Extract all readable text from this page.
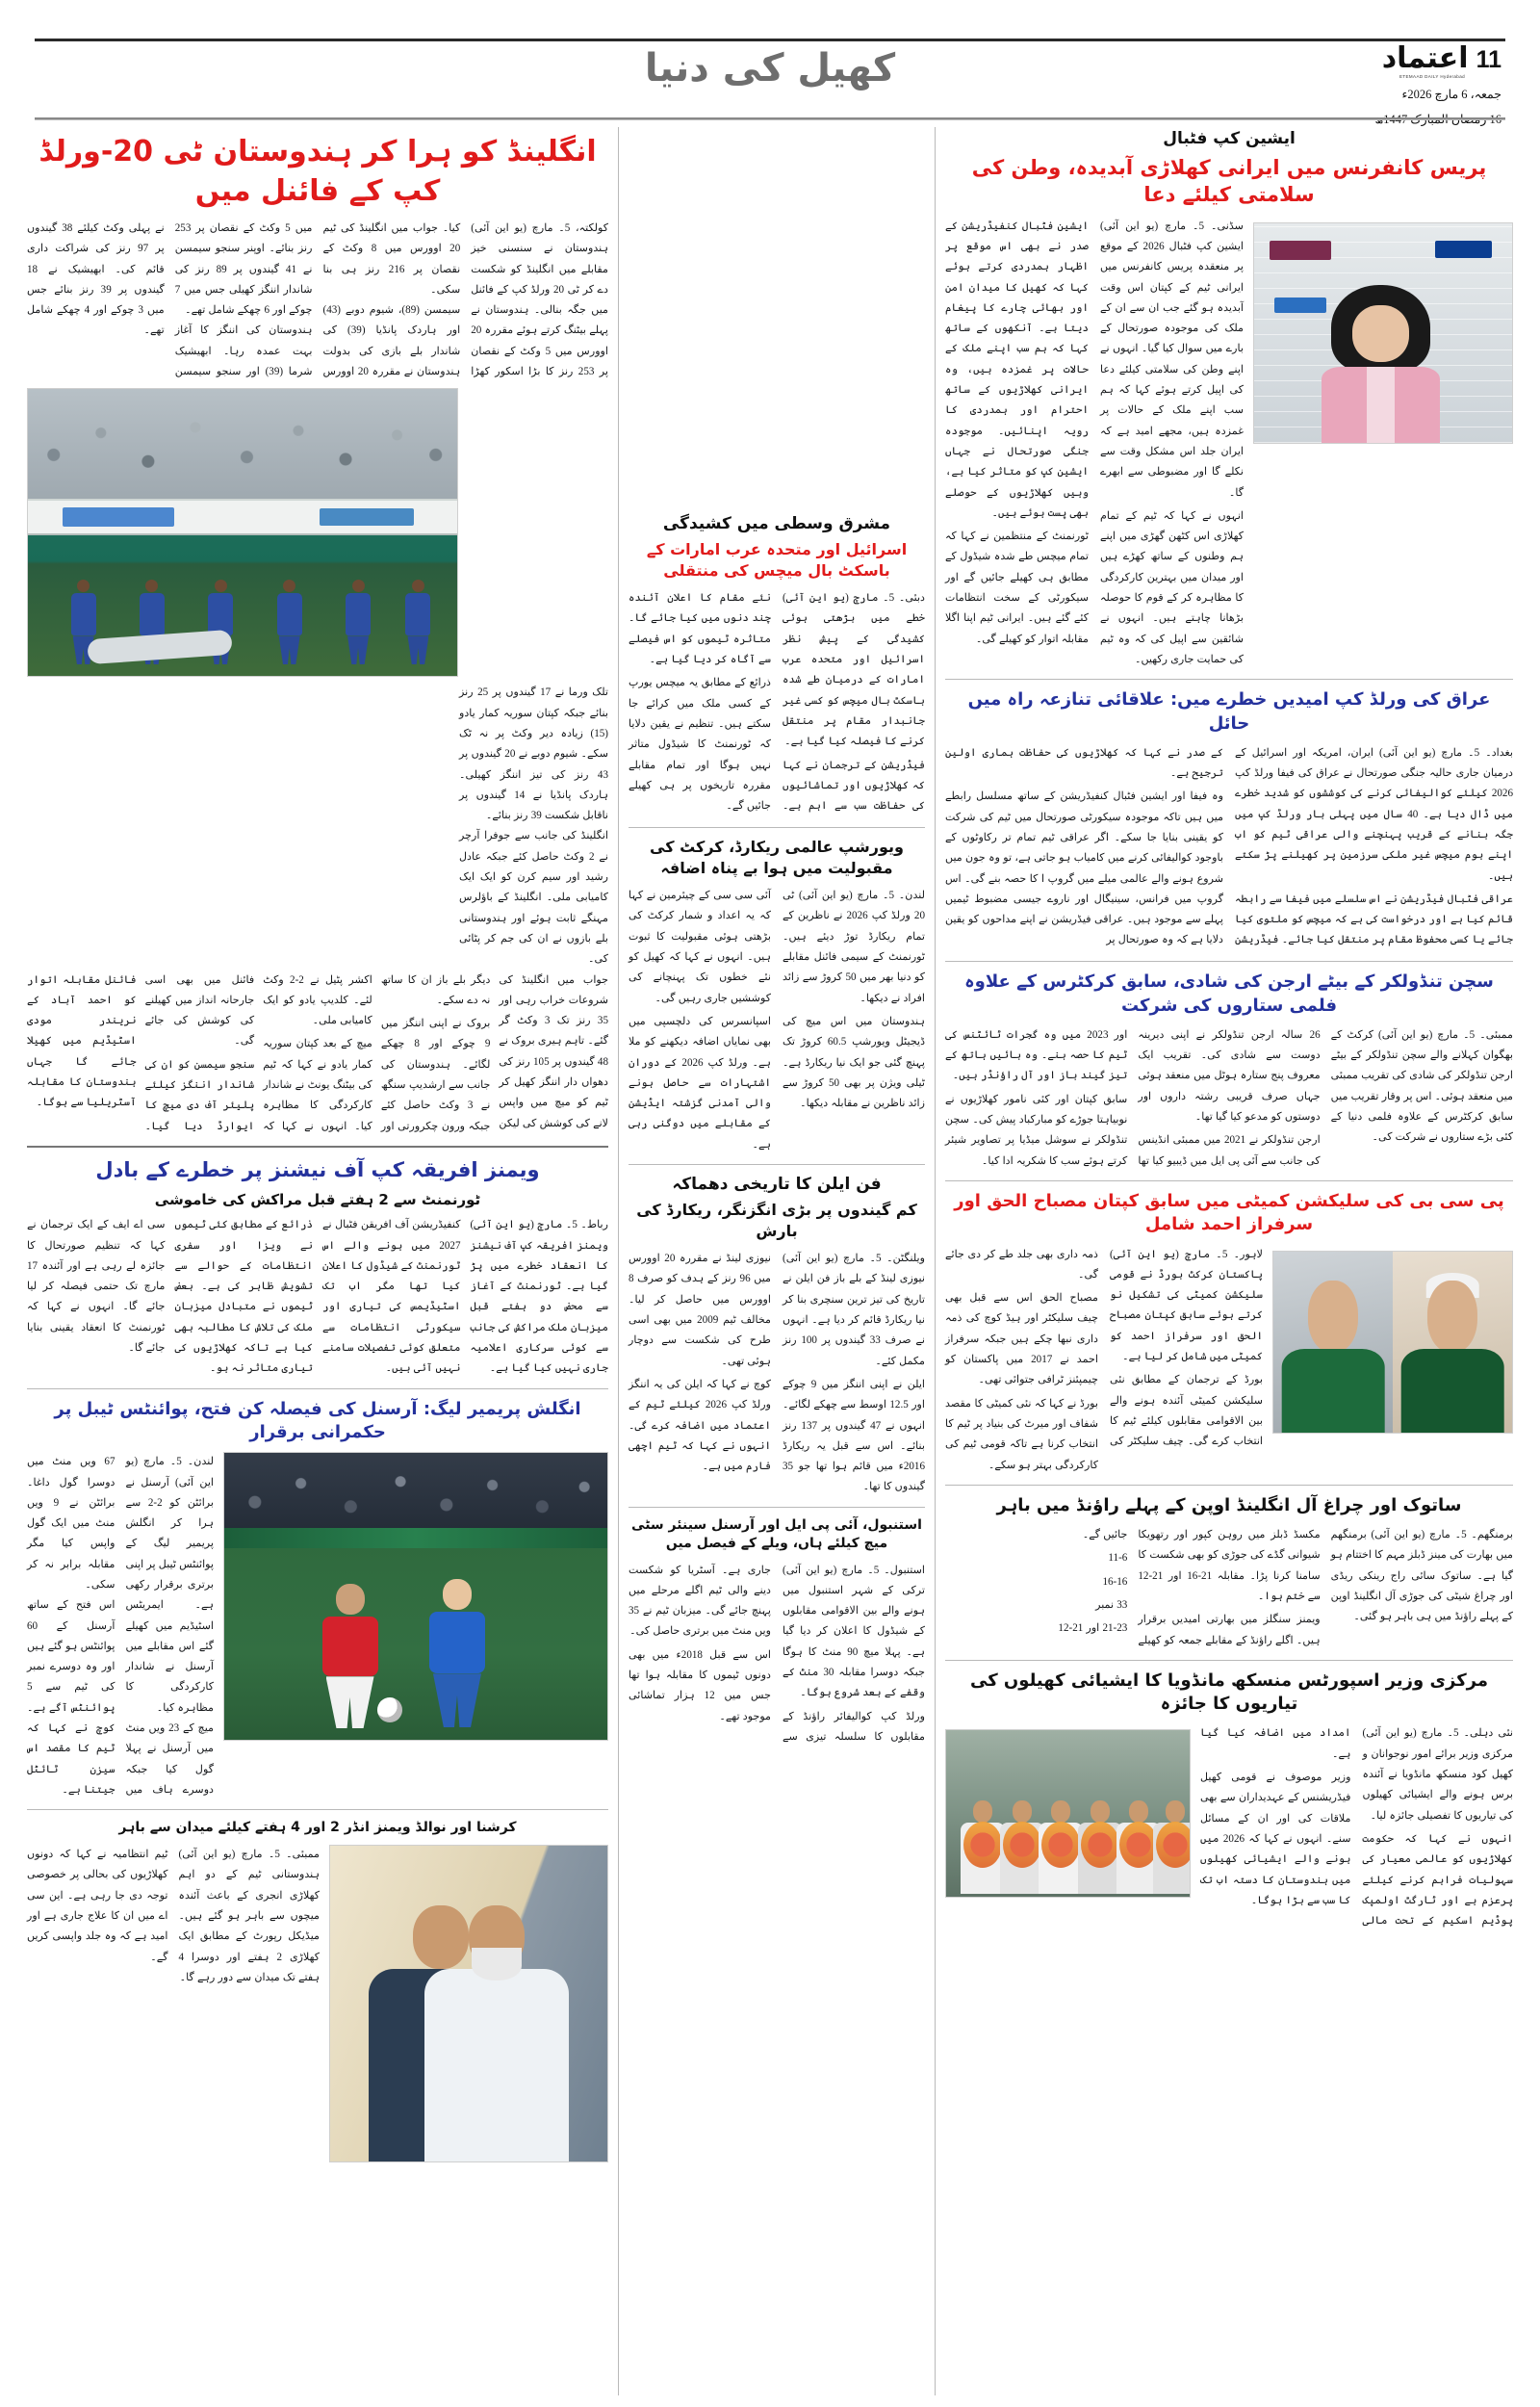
اعتماد 11
ETEMAAD DAILY Hyderabad
جمعہ، 6 مارچ 2026ء
کھیل کی دنیا
ایشین کپ فٹبال
پریس کانفرنس میں ایرانی کھلاڑی آبدیدہ، وطن کی سلامتی کیلئے دعا

سڈنی۔ 5۔ مارچ (یو این آئی) ایشین کپ فٹبال 2026 کے موقع پر منعقدہ پریس کانفرنس میں ایرانی ٹیم کے کپتان اس وقت آبدیدہ ہو گئے جب ان سے ان کے ملک کی موجودہ صورتحال کے بارے میں سوال کیا گیا۔ انہوں نے اپنے وطن کی سلامتی کیلئے دعا کی اپیل کرتے ہوئے کہا کہ ہم سب اپنے ملک کے حالات پر غمزدہ ہیں، مجھے امید ہے کہ ایران جلد اس مشکل وقت سے نکلے گا اور مضبوطی سے ابھرے گا۔

انہوں نے کہا کہ ٹیم کے تمام کھلاڑی اس کٹھن گھڑی میں اپنے ہم وطنوں کے ساتھ کھڑے ہیں اور میدان میں بہترین کارکردگی کا مظاہرہ کر کے قوم کا حوصلہ بڑھانا چاہتے ہیں۔ انہوں نے شائقین سے اپیل کی کہ وہ ٹیم کی حمایت جاری رکھیں۔

ایشین فٹبال کنفیڈریشن کے صدر نے بھی اس موقع پر اظہار ہمدردی کرتے ہوئے کہا کہ کھیل کا میدان امن اور بھائی چارے کا پیغام دیتا ہے۔ آنکھوں کے ساتھ کہا کہ ہم سب اپنے ملک کے حالات پر غمزدہ ہیں، وہ ایرانی کھلاڑیوں کے ساتھ احترام اور ہمدردی کا رویہ اپنائیں۔ موجودہ جنگی صورتحال نے جہاں ایشین کپ کو متاثر کیا ہے، وہیں کھلاڑیوں کے حوصلے بھی پست ہوئے ہیں۔

ٹورنمنٹ کے منتظمین نے کہا کہ تمام میچس طے شدہ شیڈول کے مطابق ہی کھیلے جائیں گے اور سیکورٹی کے سخت انتظامات کئے گئے ہیں۔ ایرانی ٹیم اپنا اگلا مقابلہ اتوار کو کھیلے گی۔

عراق کی ورلڈ کپ امیدیں خطرے میں: علاقائی تنازعہ راہ میں حائل

بغداد۔ 5۔ مارچ (یو این آئی) ایران، امریکہ اور اسرائیل کے درمیان جاری حالیہ جنگی صورتحال نے عراق کی فیفا ورلڈ کپ 2026 کیلئے کوالیفائی کرنے کی کوششوں کو شدید خطرے میں ڈال دیا ہے۔ 40 سال میں پہلی بار ورلڈ کپ میں جگہ بنانے کے قریب پہنچنے والی عراقی ٹیم کو اب اپنے ہوم میچس غیر ملکی سرزمین پر کھیلنے پڑ سکتے ہیں۔

عراقی فٹبال فیڈریشن نے اس سلسلے میں فیفا سے رابطہ قائم کیا ہے اور درخواست کی ہے کہ میچس کو ملتوی کیا جائے یا کسی محفوظ مقام پر منتقل کیا جائے۔ فیڈریشن کے صدر نے کہا کہ کھلاڑیوں کی حفاظت ہماری اولین ترجیح ہے۔

وہ فیفا اور ایشین فٹبال کنفیڈریشن کے ساتھ مسلسل رابطے میں ہیں تاکہ موجودہ سیکورٹی صورتحال میں ٹیم کی شرکت کو یقینی بنایا جا سکے۔ اگر عراقی ٹیم تمام تر رکاوٹوں کے باوجود کوالیفائی کرنے میں کامیاب ہو جاتی ہے، تو وہ جون میں شروع ہونے والے عالمی میلے میں گروپ ا کا حصہ بنے گی۔ اس گروپ میں فرانس، سینیگال اور ناروے جیسی مضبوط ٹیمیں پہلے سے موجود ہیں۔ عراقی فیڈریشن نے اپنے مداحوں کو یقین دلایا ہے کہ وہ صورتحال پر

سچن تنڈولکر کے بیٹے ارجن کی شادی، سابق کرکٹرس کے علاوہ فلمی ستاروں کی شرکت

ممبئی۔ 5۔ مارچ (یو این آئی) کرکٹ کے بھگوان کہلانے والے سچن تنڈولکر کے بیٹے ارجن تنڈولکر کی شادی کی تقریب ممبئی میں منعقد ہوئی۔ اس پر وقار تقریب میں سابق کرکٹرس کے علاوہ فلمی دنیا کے کئی بڑے ستاروں نے شرکت کی۔

26 سالہ ارجن تنڈولکر نے اپنی دیرینہ دوست سے شادی کی۔ تقریب ایک معروف پنج ستارہ ہوٹل میں منعقد ہوئی جہاں صرف قریبی رشتہ داروں اور دوستوں کو مدعو کیا گیا تھا۔

ارجن تنڈولکر نے 2021 میں ممبئی انڈینس کی جانب سے آئی پی ایل میں ڈیبیو کیا تھا اور 2023 میں وہ گجرات ٹائٹنس کی ٹیم کا حصہ بنے۔ وہ بائیں ہاتھ کے تیز گیند باز اور آل راؤنڈر ہیں۔

سابق کپتان اور کئی نامور کھلاڑیوں نے نوبیاہتا جوڑے کو مبارکباد پیش کی۔ سچن تنڈولکر نے سوشل میڈیا پر تصاویر شیئر کرتے ہوئے سب کا شکریہ ادا کیا۔

پی سی بی کی سلیکشن کمیٹی میں سابق کپتان مصباح الحق اور سرفراز احمد شامل

لاہور۔ 5۔ مارچ (یو این آئی) پاکستان کرکٹ بورڈ نے قومی سلیکشن کمیٹی کی تشکیل نو کرتے ہوئے سابق کپتان مصباح الحق اور سرفراز احمد کو کمیٹی میں شامل کر لیا ہے۔

بورڈ کے ترجمان کے مطابق نئی سلیکشن کمیٹی آئندہ ہونے والے بین الاقوامی مقابلوں کیلئے ٹیم کا انتخاب کرے گی۔ چیف سلیکٹر کی ذمہ داری بھی جلد طے کر دی جائے گی۔

مصباح الحق اس سے قبل بھی چیف سلیکٹر اور ہیڈ کوچ کی ذمہ داری نبھا چکے ہیں جبکہ سرفراز احمد نے 2017 میں پاکستان کو چیمپئنز ٹرافی جتوائی تھی۔

بورڈ نے کہا کہ نئی کمیٹی کا مقصد شفاف اور میرٹ کی بنیاد پر ٹیم کا انتخاب کرنا ہے تاکہ قومی ٹیم کی کارکردگی بہتر ہو سکے۔

ساتوک اور چراغ آل انگلینڈ اوپن کے پہلے راؤنڈ میں باہر

برمنگھم۔ 5۔ مارچ (یو این آئی) برمنگھم میں بھارت کی مینز ڈبلز مہم کا اختتام ہو گیا ہے۔ ساتوک سائی راج رینکی ریڈی اور چراغ شیٹی کی جوڑی آل انگلینڈ اوپن کے پہلے راؤنڈ میں ہی باہر ہو گئی۔

مکسڈ ڈبلز میں روہن کپور اور رتھویکا شیوانی گڈے کی جوڑی کو بھی شکست کا سامنا کرنا پڑا۔ مقابلہ 21-16 اور 21-12 سے ختم ہوا۔

ویمنز سنگلز میں بھارتی امیدیں برقرار ہیں۔ اگلے راؤنڈ کے مقابلے جمعہ کو کھیلے جائیں گے۔

11-6

16-16

33 نمبر

21-23 اور 21-12

مرکزی وزیر اسپورٹس منسکھ مانڈویا کا ایشیائی کھیلوں کی تیاریوں کا جائزہ

نئی دہلی۔ 5۔ مارچ (یو این آئی) مرکزی وزیر برائے امور نوجوانان و کھیل کود منسکھ مانڈویا نے آئندہ برس ہونے والے ایشیائی کھیلوں کی تیاریوں کا تفصیلی جائزہ لیا۔

انہوں نے کہا کہ حکومت کھلاڑیوں کو عالمی معیار کی سہولیات فراہم کرنے کیلئے پرعزم ہے اور ٹارگٹ اولمپک پوڈیم اسکیم کے تحت مالی امداد میں اضافہ کیا گیا ہے۔

وزیر موصوف نے قومی کھیل فیڈریشنس کے عہدیداران سے بھی ملاقات کی اور ان کے مسائل سنے۔ انہوں نے کہا کہ 2026 میں ہونے والے ایشیائی کھیلوں میں ہندوستان کا دستہ اب تک کا سب سے بڑا ہوگا۔

مشرق وسطی میں کشیدگی
اسرائیل اور متحدہ عرب امارات کے باسکٹ بال میچس کی منتقلی

دبئی۔ 5۔ مارچ (یو این آئی) خطے میں بڑھتی ہوئی کشیدگی کے پیش نظر اسرائیل اور متحدہ عرب امارات کے درمیان طے شدہ باسکٹ بال میچس کو کسی غیر جانبدار مقام پر منتقل کرنے کا فیصلہ کیا گیا ہے۔

فیڈریشن کے ترجمان نے کہا کہ کھلاڑیوں اور تماشائیوں کی حفاظت سب سے اہم ہے۔ نئے مقام کا اعلان آئندہ چند دنوں میں کیا جائے گا۔ متاثرہ ٹیموں کو اس فیصلے سے آگاہ کر دیا گیا ہے۔

ذرائع کے مطابق یہ میچس یورپ کے کسی ملک میں کرائے جا سکتے ہیں۔ تنظیم نے یقین دلایا کہ ٹورنمنٹ کا شیڈول متاثر نہیں ہوگا اور تمام مقابلے مقررہ تاریخوں پر ہی کھیلے جائیں گے۔

ویورشپ عالمی ریکارڈ، کرکٹ کی مقبولیت میں ہوا بے پناہ اضافہ

لندن۔ 5۔ مارچ (یو این آئی) ٹی 20 ورلڈ کپ 2026 نے ناظرین کے تمام ریکارڈ توڑ دیئے ہیں۔ ٹورنمنٹ کے سیمی فائنل مقابلے کو دنیا بھر میں 50 کروڑ سے زائد افراد نے دیکھا۔

ہندوستان میں اس میچ کی ڈیجیٹل ویورشپ 60.5 کروڑ تک پہنچ گئی جو ایک نیا ریکارڈ ہے۔ ٹیلی ویژن پر بھی 50 کروڑ سے زائد ناظرین نے مقابلہ دیکھا۔

آئی سی سی کے چیئرمین نے کہا کہ یہ اعداد و شمار کرکٹ کی بڑھتی ہوئی مقبولیت کا ثبوت ہیں۔ انہوں نے کہا کہ کھیل کو نئے خطوں تک پہنچانے کی کوششیں جاری رہیں گی۔

اسپانسرس کی دلچسپی میں بھی نمایاں اضافہ دیکھنے کو ملا ہے۔ ورلڈ کپ 2026 کے دوران اشتہارات سے حاصل ہونے والی آمدنی گزشتہ ایڈیشن کے مقابلے میں دوگنی رہی ہے۔

فن ایلن کا تاریخی دھماکہ
کم گیندوں پر بڑی انگزنگر، ریکارڈ کی بارش

ویلنگٹن۔ 5۔ مارچ (یو این آئی) نیوزی لینڈ کے بلے باز فن ایلن نے تاریخ کی تیز ترین سنچری بنا کر نیا ریکارڈ قائم کر دیا ہے۔ انہوں نے صرف 33 گیندوں پر 100 رنز مکمل کئے۔

ایلن نے اپنی اننگز میں 9 چوکے اور 12.5 اوسط سے چھکے لگائے۔ انہوں نے 47 گیندوں پر 137 رنز بنائے۔ اس سے قبل یہ ریکارڈ 2016ء میں قائم ہوا تھا جو 35 گیندوں کا تھا۔

نیوزی لینڈ نے مقررہ 20 اوورس میں 96 رنز کے ہدف کو صرف 8 اوورس میں حاصل کر لیا۔ مخالف ٹیم 2009 میں بھی اسی طرح کی شکست سے دوچار ہوئی تھی۔

کوچ نے کہا کہ ایلن کی یہ اننگز ورلڈ کپ 2026 کیلئے ٹیم کے اعتماد میں اضافہ کرے گی۔ انہوں نے کہا کہ ٹیم اچھی فارم میں ہے۔

استنبول، آئی پی ایل اور آرسنل سینئر سٹی میچ کیلئے ہاں، ویلے کے فیصل میں

استنبول۔ 5۔ مارچ (یو این آئی) ترکی کے شہر استنبول میں ہونے والے بین الاقوامی مقابلوں کے شیڈول کا اعلان کر دیا گیا ہے۔ پہلا میچ 90 منٹ کا ہوگا جبکہ دوسرا مقابلہ 30 منٹ کے وقفے کے بعد شروع ہوگا۔

ورلڈ کپ کوالیفائر راؤنڈ کے مقابلوں کا سلسلہ تیزی سے جاری ہے۔ آسٹریا کو شکست دینے والی ٹیم اگلے مرحلے میں پہنچ جائے گی۔ میزبان ٹیم نے 35 ویں منٹ میں برتری حاصل کی۔

اس سے قبل 2018ء میں بھی دونوں ٹیموں کا مقابلہ ہوا تھا جس میں 12 ہزار تماشائی موجود تھے۔

انگلینڈ کو ہرا کر ہندوستان ٹی 20-ورلڈ کپ کے فائنل میں

کولکتہ، 5۔ مارچ (یو این آئی) ہندوستان نے سنسنی خیز مقابلے میں انگلینڈ کو شکست دے کر ٹی 20 ورلڈ کپ کے فائنل میں جگہ بنالی۔ ہندوستان نے پہلے بیٹنگ کرتے ہوئے مقررہ 20 اوورس میں 5 وکٹ کے نقصان پر 253 رنز کا بڑا اسکور کھڑا کیا۔ جواب میں انگلینڈ کی ٹیم 20 اوورس میں 8 وکٹ کے نقصان پر 216 رنز ہی بنا سکی۔

سیمسن (89)، شیوم دوبے (43) اور ہاردک پانڈیا (39) کی شاندار بلے بازی کی بدولت ہندوستان نے مقررہ 20 اوورس میں 5 وکٹ کے نقصان پر 253 رنز بنائے۔ اوپنر سنجو سیمسن نے 41 گیندوں پر 89 رنز کی شاندار اننگز کھیلی جس میں 7 چوکے اور 6 چھکے شامل تھے۔

ہندوستان کی اننگز کا آغاز بہت عمدہ رہا۔ ابھیشیک شرما (39) اور سنجو سیمسن نے پہلی وکٹ کیلئے 38 گیندوں پر 97 رنز کی شراکت داری قائم کی۔ ابھیشیک نے 18 گیندوں پر 39 رنز بنائے جس میں 3 چوکے اور 4 چھکے شامل تھے۔

تلک ورما نے 17 گیندوں پر 25 رنز بنائے جبکہ کپتان سوریہ کمار یادو (15) زیادہ دیر وکٹ پر نہ ٹک سکے۔ شیوم دوبے نے 20 گیندوں پر 43 رنز کی تیز اننگز کھیلی۔ ہاردک پانڈیا نے 14 گیندوں پر ناقابل شکست 39 رنز بنائے۔

انگلینڈ کی جانب سے جوفرا آرچر نے 2 وکٹ حاصل کئے جبکہ عادل رشید اور سیم کرن کو ایک ایک کامیابی ملی۔ انگلینڈ کے باؤلرس مہنگے ثابت ہوئے اور ہندوستانی بلے بازوں نے ان کی جم کر پٹائی کی۔

جواب میں انگلینڈ کی شروعات خراب رہی اور 35 رنز تک 3 وکٹ گر گئے۔ تاہم ہیری بروک نے 48 گیندوں پر 105 رنز کی دھواں دار اننگز کھیل کر ٹیم کو میچ میں واپس لانے کی کوشش کی لیکن دیگر بلے باز ان کا ساتھ نہ دے سکے۔

بروک نے اپنی اننگز میں 9 چوکے اور 8 چھکے لگائے۔ ہندوستان کی جانب سے ارشدیپ سنگھ نے 3 وکٹ حاصل کئے جبکہ ورون چکرورتی اور اکشر پٹیل نے 2-2 وکٹ لئے۔ کلدیپ یادو کو ایک کامیابی ملی۔

میچ کے بعد کپتان سوریہ کمار یادو نے کہا کہ ٹیم کی بیٹنگ یونٹ نے شاندار کارکردگی کا مظاہرہ کیا۔ انہوں نے کہا کہ فائنل میں بھی اسی جارحانہ انداز میں کھیلنے کی کوشش کی جائے گی۔

سنجو سیمسن کو ان کی شاندار اننگز کیلئے پلیئر آف دی میچ کا ایوارڈ دیا گیا۔ فائنل مقابلہ اتوار کو احمد آباد کے نریندر مودی اسٹیڈیم میں کھیلا جائے گا جہاں ہندوستان کا مقابلہ آسٹریلیا سے ہوگا۔

ویمنز افریقہ کپ آف نیشنز پر خطرے کے بادل
ٹورنمنٹ سے 2 ہفتے قبل مراکش کی خاموشی

رباط۔ 5۔ مارچ (یو این آئی) ویمنز افریقہ کپ آف نیشنز کا انعقاد خطرے میں پڑ گیا ہے۔ ٹورنمنٹ کے آغاز سے محض دو ہفتے قبل میزبان ملک مراکش کی جانب سے کوئی سرکاری اعلامیہ جاری نہیں کیا گیا ہے۔

کنفیڈریشن آف افریقن فٹبال نے 2027 میں ہونے والے اس ٹورنمنٹ کے شیڈول کا اعلان کیا تھا مگر اب تک اسٹیڈیمس کی تیاری اور سیکورٹی انتظامات سے متعلق کوئی تفصیلات سامنے نہیں آئی ہیں۔

ذرائع کے مطابق کئی ٹیموں نے ویزا اور سفری انتظامات کے حوالے سے تشویش ظاہر کی ہے۔ بعض ٹیموں نے متبادل میزبان ملک کی تلاش کا مطالبہ بھی کیا ہے تاکہ کھلاڑیوں کی تیاری متاثر نہ ہو۔

سی اے ایف کے ایک ترجمان نے کہا کہ تنظیم صورتحال کا جائزہ لے رہی ہے اور آئندہ 17 مارچ تک حتمی فیصلہ کر لیا جائے گا۔ انہوں نے کہا کہ ٹورنمنٹ کا انعقاد یقینی بنایا جائے گا۔

انگلش پریمیر لیگ: آرسنل کی فیصلہ کن فتح، پوائنٹس ٹیبل پر حکمرانی برقرار

لندن۔ 5۔ مارچ (یو این آئی) آرسنل نے برائٹن کو 2-2 سے ہرا کر انگلش پریمیر لیگ کے پوائنٹس ٹیبل پر اپنی برتری برقرار رکھی ہے۔ ایمریٹس اسٹیڈیم میں کھیلے گئے اس مقابلے میں آرسنل نے شاندار کارکردگی کا مظاہرہ کیا۔

میچ کے 23 ویں منٹ میں آرسنل نے پہلا گول کیا جبکہ دوسرے ہاف میں 67 ویں منٹ میں دوسرا گول داغا۔ برائٹن نے 9 ویں منٹ میں ایک گول واپس کیا مگر مقابلہ برابر نہ کر سکی۔

اس فتح کے ساتھ آرسنل کے 60 پوائنٹس ہو گئے ہیں اور وہ دوسرے نمبر کی ٹیم سے 5 پوائنٹس آگے ہے۔ کوچ نے کہا کہ ٹیم کا مقصد اس سیزن ٹائٹل جیتنا ہے۔

کرشنا اور نوالڈ ویمنز انڈر 2 اور 4 ہفتے کیلئے میدان سے باہر

ممبئی۔ 5۔ مارچ (یو این آئی) ہندوستانی ٹیم کے دو اہم کھلاڑی انجری کے باعث آئندہ میچوں سے باہر ہو گئے ہیں۔ میڈیکل رپورٹ کے مطابق ایک کھلاڑی 2 ہفتے اور دوسرا 4 ہفتے تک میدان سے دور رہے گا۔

ٹیم انتظامیہ نے کہا کہ دونوں کھلاڑیوں کی بحالی پر خصوصی توجہ دی جا رہی ہے۔ این سی اے میں ان کا علاج جاری ہے اور امید ہے کہ وہ جلد واپسی کریں گے۔
